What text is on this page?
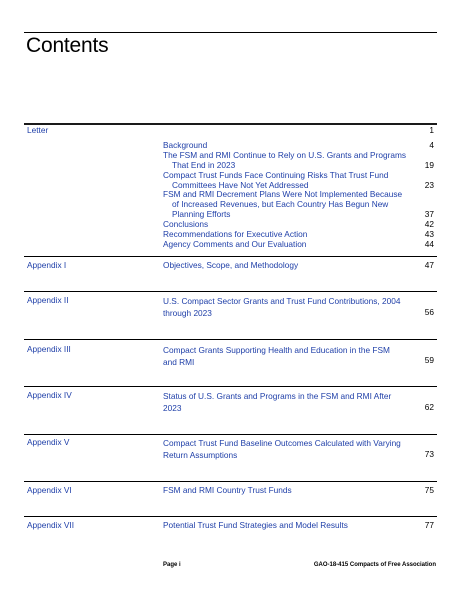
Contents
Letter	1
Background	4
The FSM and RMI Continue to Rely on U.S. Grants and Programs
That End in 2023	19
Compact Trust Funds Face Continuing Risks That Trust Fund
Committees Have Not Yet Addressed	23
FSM and RMI Decrement Plans Were Not Implemented Because
of Increased Revenues, but Each Country Has Begun New
Planning Efforts	37
Conclusions	42
Recommendations for Executive Action	43
Agency Comments and Our Evaluation	44
Appendix I	Objectives, Scope, and Methodology	47
Appendix II	U.S. Compact Sector Grants and Trust Fund Contributions, 2004
through 2023	56
Appendix III	Compact Grants Supporting Health and Education in the FSM
and RMI	59
Appendix IV	Status of U.S. Grants and Programs in the FSM and RMI After
2023	62
Appendix V	Compact Trust Fund Baseline Outcomes Calculated with Varying
Return Assumptions	73
Appendix VI	FSM and RMI Country Trust Funds	75
Appendix VII	Potential Trust Fund Strategies and Model Results	77
Page i	GAO-18-415 Compacts of Free Association
